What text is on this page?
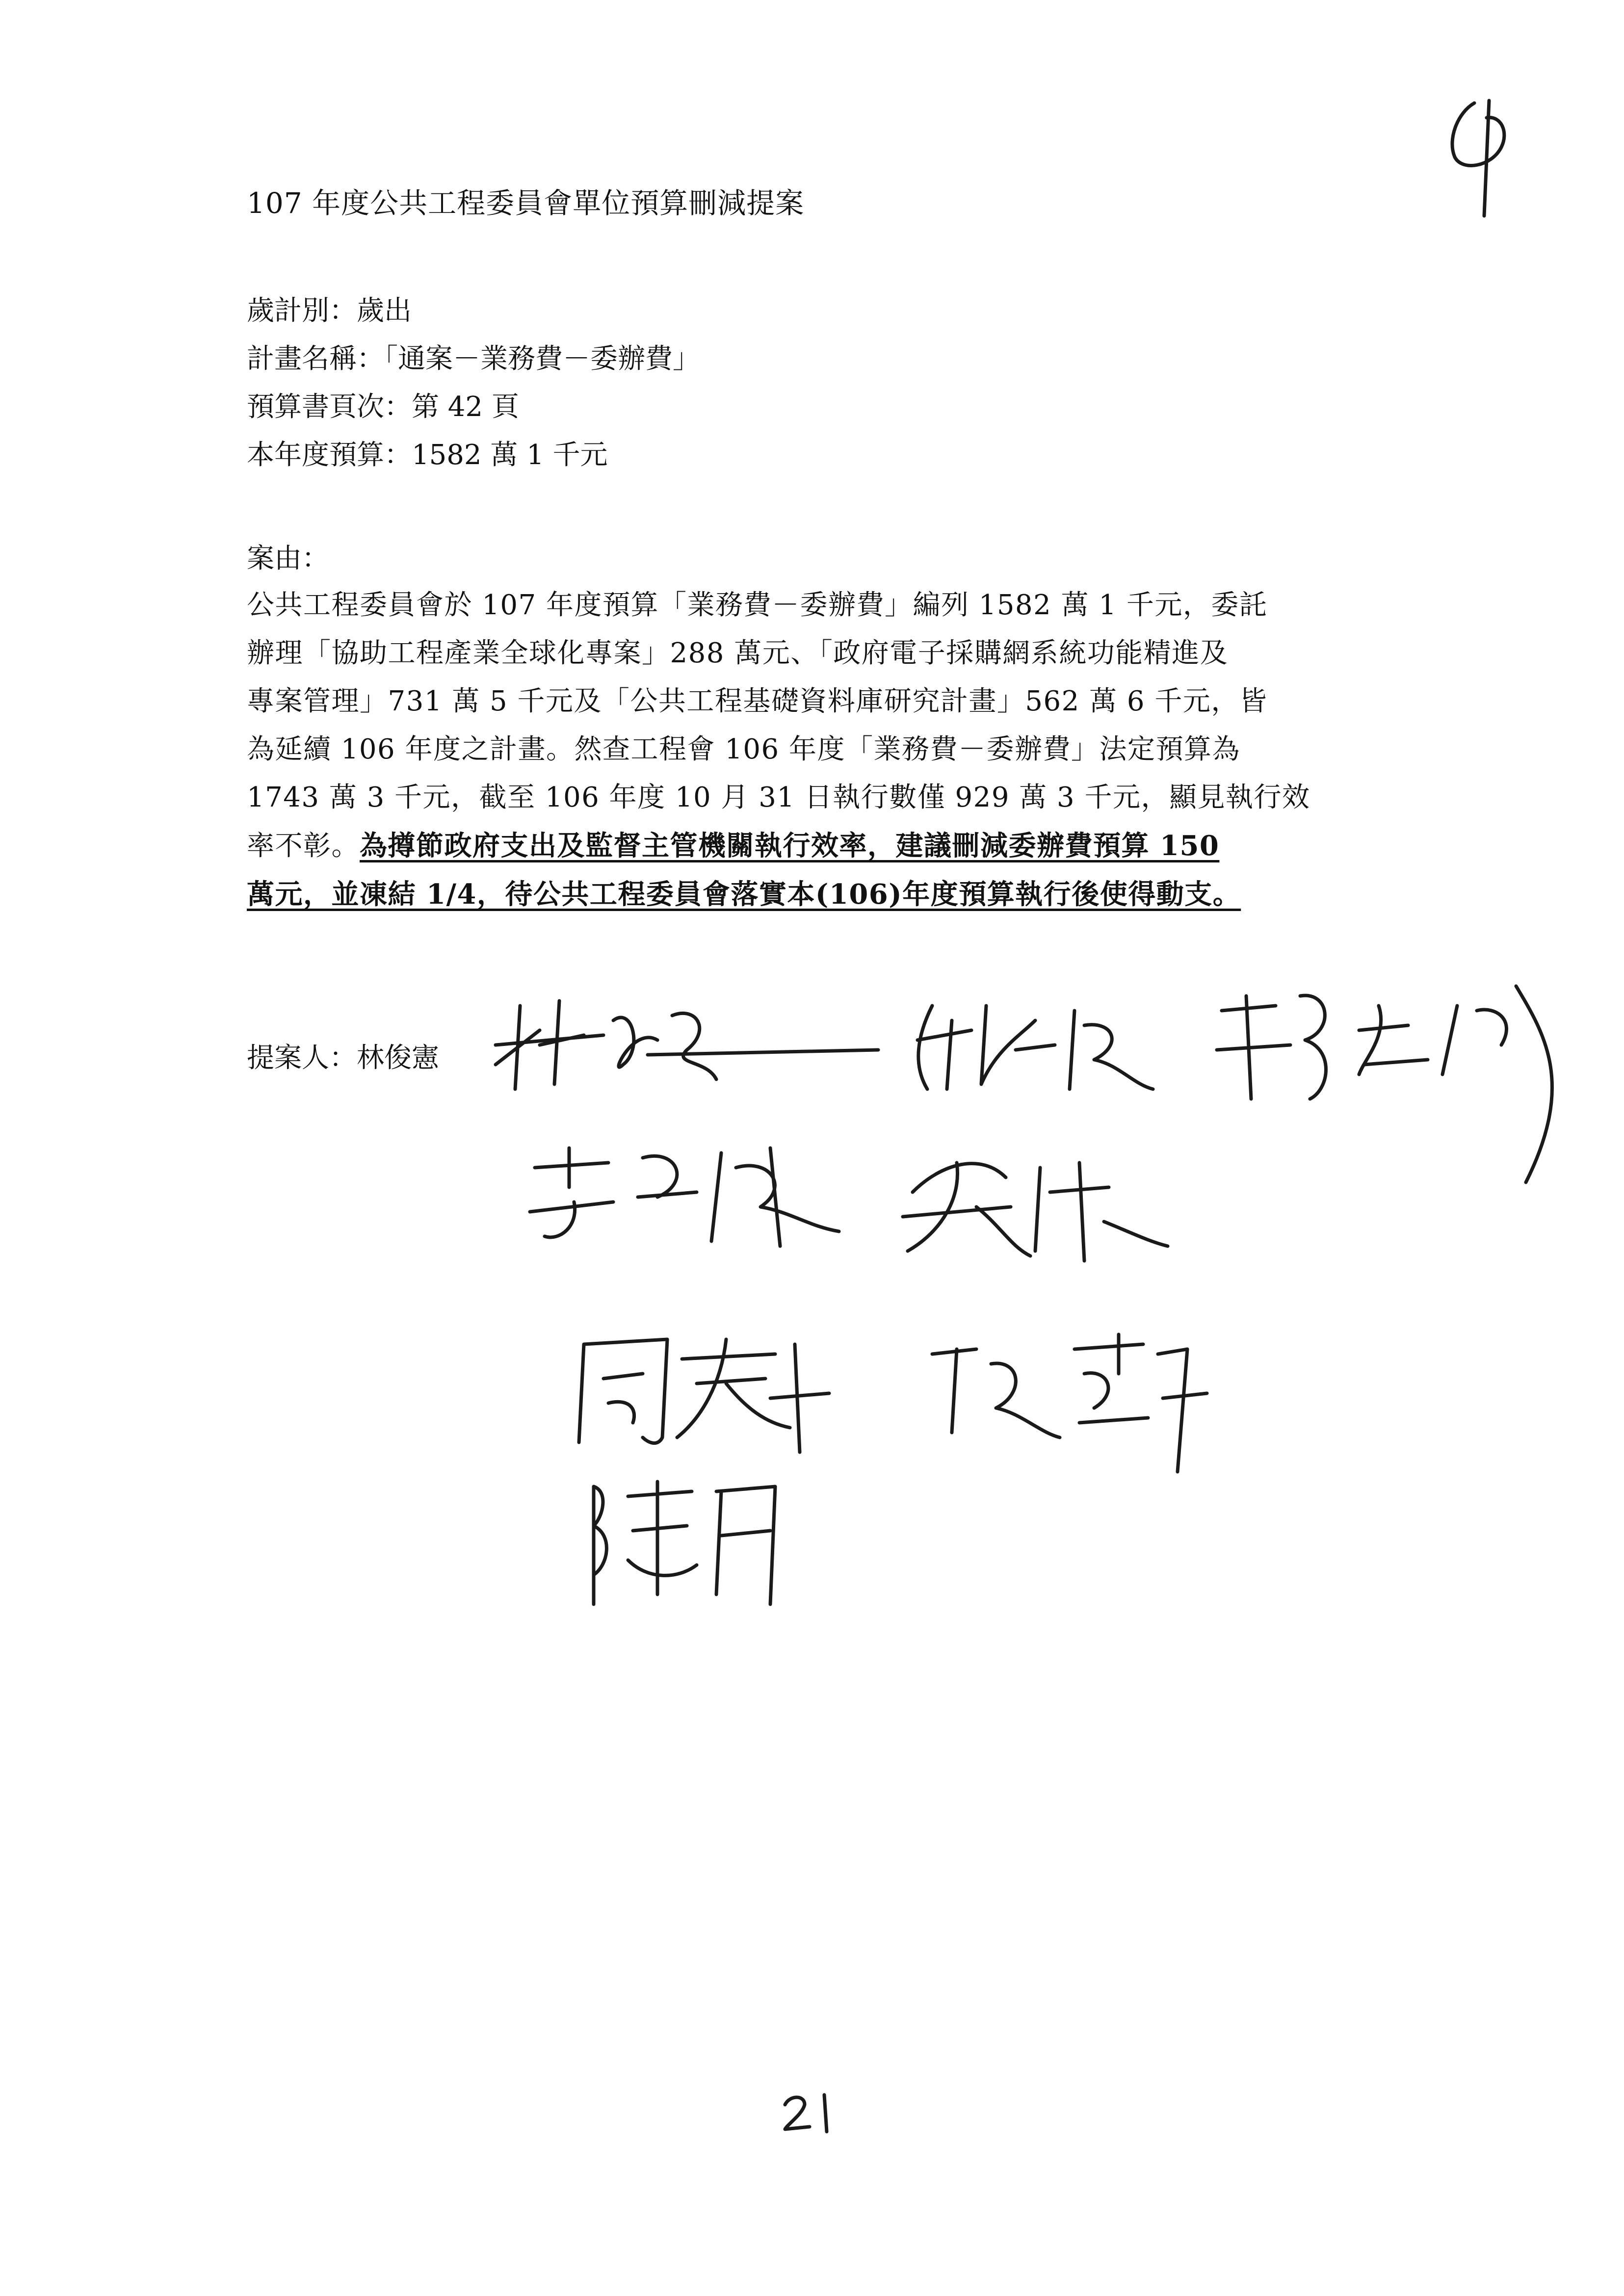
107 年度公共工程委員會單位預算刪減提案
歲計別：歲出
計畫名稱：「通案－業務費－委辦費」
預算書頁次：第 42 頁
本年度預算：1582 萬 1 千元
案由：
公共工程委員會於 107 年度預算「業務費－委辦費」編列 1582 萬 1 千元，委託
辦理「協助工程產業全球化專案」288 萬元、「政府電子採購網系統功能精進及
專案管理」731 萬 5 千元及「公共工程基礎資料庫研究計畫」562 萬 6 千元，皆
為延續 106 年度之計畫。然查工程會 106 年度「業務費－委辦費」法定預算為
1743 萬 3 千元，截至 106 年度 10 月 31 日執行數僅 929 萬 3 千元，顯見執行效
率不彰。為撙節政府支出及監督主管機關執行效率，建議刪減委辦費預算 150
萬元，並凍結 1/4，待公共工程委員會落實本(106)年度預算執行後使得動支。
提案人：林俊憲
